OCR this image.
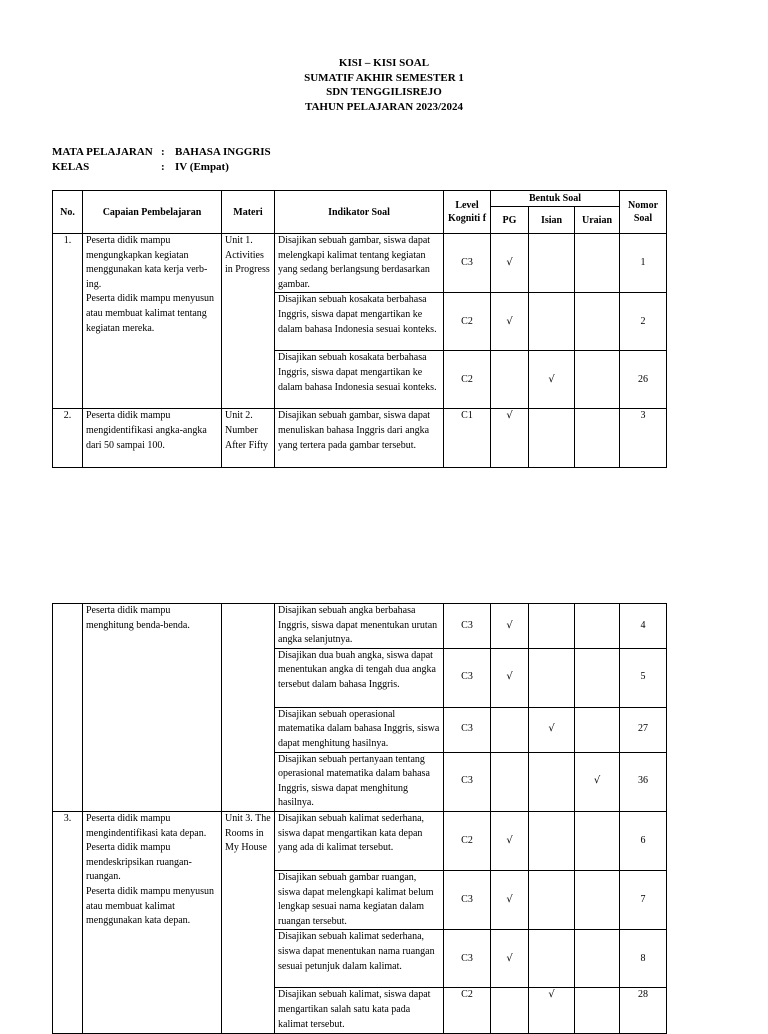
KISI – KISI SOAL
SUMATIF AKHIR SEMESTER 1
SDN TENGGILISREJO
TAHUN PELAJARAN 2023/2024
MATA PELAJARAN : BAHASA INGGRIS
KELAS	: IV (Empat)
No.	Capaian Pembelajaran	Materi	Indikator Soal	Level Kogniti f	Bentuk Soal			Nomor Soal
					PG	Isian	Uraian	
1.	Peserta didik mampu mengungkapkan kegiatan menggunakan kata kerja verb-ing.
Peserta didik mampu menyusun atau membuat kalimat tentang kegiatan mereka.	Unit 1. Activities in Progress	Disajikan sebuah gambar, siswa dapat melengkapi kalimat tentang kegiatan yang sedang berlangsung berdasarkan gambar.	C3	√			1
			Disajikan sebuah kosakata berbahasa Inggris, siswa dapat mengartikan ke dalam bahasa Indonesia sesuai konteks.	C2	√			2
			Disajikan sebuah kosakata berbahasa Inggris, siswa dapat mengartikan ke dalam bahasa Indonesia sesuai konteks.	C2		√		26
2.	Peserta didik mampu mengidentifikasi angka-angka dari 50 sampai 100.	Unit 2. Number After Fifty	Disajikan sebuah gambar, siswa dapat menuliskan bahasa Inggris dari angka yang tertera pada gambar tersebut.	C1	√			3
	Peserta didik mampu menghitung benda-benda.		Disajikan sebuah angka berbahasa Inggris, siswa dapat menentukan urutan angka selanjutnya.	C3	√			4
			Disajikan dua buah angka, siswa dapat menentukan angka di tengah dua angka tersebut dalam bahasa Inggris.	C3	√			5
			Disajikan sebuah operasional matematika dalam bahasa Inggris, siswa dapat menghitung hasilnya.	C3		√		27
			Disajikan sebuah pertanyaan tentang operasional matematika dalam bahasa Inggris, siswa dapat menghitung hasilnya.	C3			√	36
3.	Peserta didik mampu mengindentifikasi kata depan. Peserta didik mampu mendeskripsikan ruangan-ruangan.
Peserta didik mampu menyusun atau membuat kalimat menggunakan kata depan.	Unit 3. The Rooms in My House	Disajikan sebuah kalimat sederhana, siswa dapat mengartikan kata depan yang ada di kalimat tersebut.	C2	√			6
			Disajikan sebuah gambar ruangan, siswa dapat melengkapi kalimat belum lengkap sesuai nama kegiatan dalam ruangan tersebut.	C3	√			7
			Disajikan sebuah kalimat sederhana, siswa dapat menentukan nama ruangan sesuai petunjuk dalam kalimat.	C3	√			8
			Disajikan sebuah kalimat, siswa dapat mengartikan salah satu kata pada kalimat tersebut.	C2		√		28
